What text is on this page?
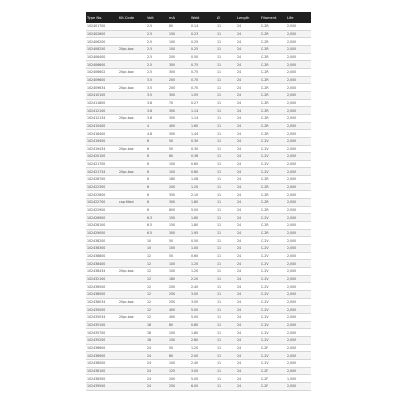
Type No.	Kit.Code	Volt	mA	Watt	Ø	Length	Filament	Life
102401700		2.5	80	0.14	11	24	C-2R	2,000
102402600		2.5	150	0.23	11	24	C-2R	2,000
102406200		2.5	100	0.25	11	24	C-2R	2,000
102406250	20pc.box	2.5	100	0.25	11	24	C-2R	2,000
102406400		2.5	200	0.50	11	24	C-2R	2,000
102406600		2.5	300	0.75	11	24	C-2R	2,000
102406602	20pc.box	2.5	300	0.75	11	24	C-2R	2,000
102409600		3.5	200	0.70	11	24	C-2R	2,000
102409634	20pc.box	3.5	200	0.70	11	24	C-2R	2,000
102410100		3.5	300	1.05	11	24	C-2R	2,000
102411800		3.8	70	0.27	11	24	C-2R	2,000
102412100		3.8	300	1.14	11	24	C-2R	2,000
102412134	20pc.box	3.8	300	1.14	11	24	C-2R	2,000
102415400		4	400	1.60	11	24	C-2R	2,000
102416400		4.8	300	1.44	11	24	C-2R	2,000
102419400		6	50	0.30	11	24	C-2V	2,000
102419434	20pc.box	6	50	0.30	11	24	C-2V	2,000
102420100		6	60	0.36	11	24	C-2V	2,000
102421700		6	100	0.60	11	24	C-2V	2,000
102421734	20pc.box	6	100	0.60	11	24	C-2V	2,000
102428700		6	180	1.08	11	24	C-2R	2,000
102422300		6	200	1.20	11	24	C-2R	2,000
102422600		6	350	2.10	11	24	C-2R	2,000
102422700	cap.filled	6	300	1.80	11	24	C-2R	2,000
102422900		6	800	5.00	11	24	C-2R	2,000
102426900		6.3	150	1.80	11	24	C-2V	2,000
102428100		6.5	150	1.80	11	24	C-2R	2,000
102429000		6.5	300	1.95	11	24	C-2R	2,000
102438200		10	50	0.50	11	24	C-2V	2,000
102438300		10	100	1.00	11	24	C-2V	2,000
102438800		12	50	0.60	11	24	C-2V	2,000
102438400		12	100	1.20	11	24	C-2V	2,000
102438434	20pc.box	12	100	1.20	11	24	C-2V	2,000
102432100		12	180	2.20	11	24	C-2V	2,000
102436500		12	200	2.40	11	24	C-2V	2,000
102438000		12	250	3.00	11	24	C-2V	2,000
102438034	20pc.box	12	250	3.00	11	24	C-2V	2,000
102435000		12	400	5.00	11	24	C-2V	2,000
102435034	20pc.box	12	400	5.00	11	24	C-2V	2,000
102435100		18	80	0.80	11	24	C-2V	2,000
102435700		18	100	1.80	11	24	C-2V	2,000
102435200		18	150	2.80	11	24	C-2V	2,000
102436600		24	50	1.20	11	24	C-2F	2,000
102436900		24	80	2.00	11	24	C-2V	2,000
102438000		24	100	2.40	11	24	C-2V	2,000
102438100		24	125	3.00	11	24	C-2F	2,000
102438300		24	200	5.00	11	24	C-2F	1,500
102439500		24	250	6.00	11	24	C-2F	2,000
